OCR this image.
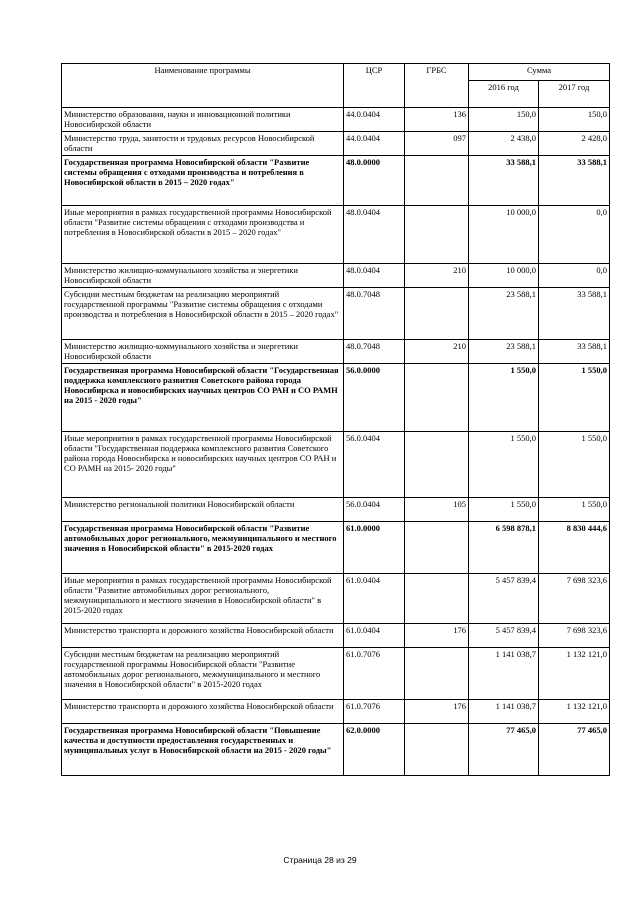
Наименование программы	ЦСР	ГРБС	Сумма	
			2016 год	2017 год
Министерство образования, науки и инновационной политики Новосибирской области	44.0.0404	136	150,0	150,0
Министерство труда, занятости и трудовых ресурсов Новосибирской области	44.0.0404	097	2 438,0	2 428,0
Государственная программа Новосибирской области "Развитие системы обращения с отходами производства и потребления в Новосибирской области в 2015 – 2020 годах"	48.0.0000		33 588,1	33 588,1
Иные мероприятия в рамках государственной программы Новосибирской области "Развитие системы обращения с отходами производства и потребления в Новосибирской области в 2015 – 2020 годах"	48.0.0404		10 000,0	0,0
Министерство жилищно-коммунального хозяйства и энергетики Новосибирской области	48.0.0404	210	10 000,0	0,0
Субсидии местным бюджетам на реализацию мероприятий государственной программы "Развитие системы обращения с отходами производства и потребления в Новосибирской области в 2015 – 2020 годах"	48.0.7048		23 588,1	33 588,1
Министерство жилищно-коммунального хозяйства и энергетики Новосибирской области	48.0.7048	210	23 588,1	33 588,1
Государственная программа Новосибирской области "Государственная поддержка комплексного развития Советского района города Новосибирска и новосибирских научных центров СО РАН и СО РАМН на 2015 - 2020 годы"	56.0.0000		1 550,0	1 550,0
Иные мероприятия в рамках государственной программы Новосибирской области "Государственная поддержка комплексного развития Советского района города Новосибирска и новосибирских научных центров СО РАН и СО РАМН на 2015- 2020 годы"	56.0.0404		1 550,0	1 550,0
Министерство региональной политики Новосибирской области	56.0.0404	105	1 550,0	1 550,0
Государственная программа Новосибирской области "Развитие автомобильных дорог регионального, межмуниципального и местного значения в Новосибирской области" в 2015-2020 годах	61.0.0000		6 598 878,1	8 830 444,6
Иные мероприятия в рамках государственной программы Новосибирской области "Развитие автомобильных дорог регионального, межмуниципального и местного значения в Новосибирской области" в 2015-2020 годах	61.0.0404		5 457 839,4	7 698 323,6
Министерство транспорта и дорожного хозяйства Новосибирской области	61.0.0404	176	5 457 839,4	7 698 323,6
Субсидии местным бюджетам на реализацию мероприятий государственной программы Новосибирской области "Развитие автомобильных дорог регионального, межмуниципального и местного значения в Новосибирской области" в 2015-2020 годах	61.0.7076		1 141 038,7	1 132 121,0
Министерство транспорта и дорожного хозяйства Новосибирской области	61.0.7076	176	1 141 038,7	1 132 121,0
Государственная программа Новосибирской области "Повышение качества и доступности предоставления государственных и муниципальных услуг в Новосибирской области на 2015 - 2020 годы"	62.0.0000		77 465,0	77 465,0
Страница 28 из 29
